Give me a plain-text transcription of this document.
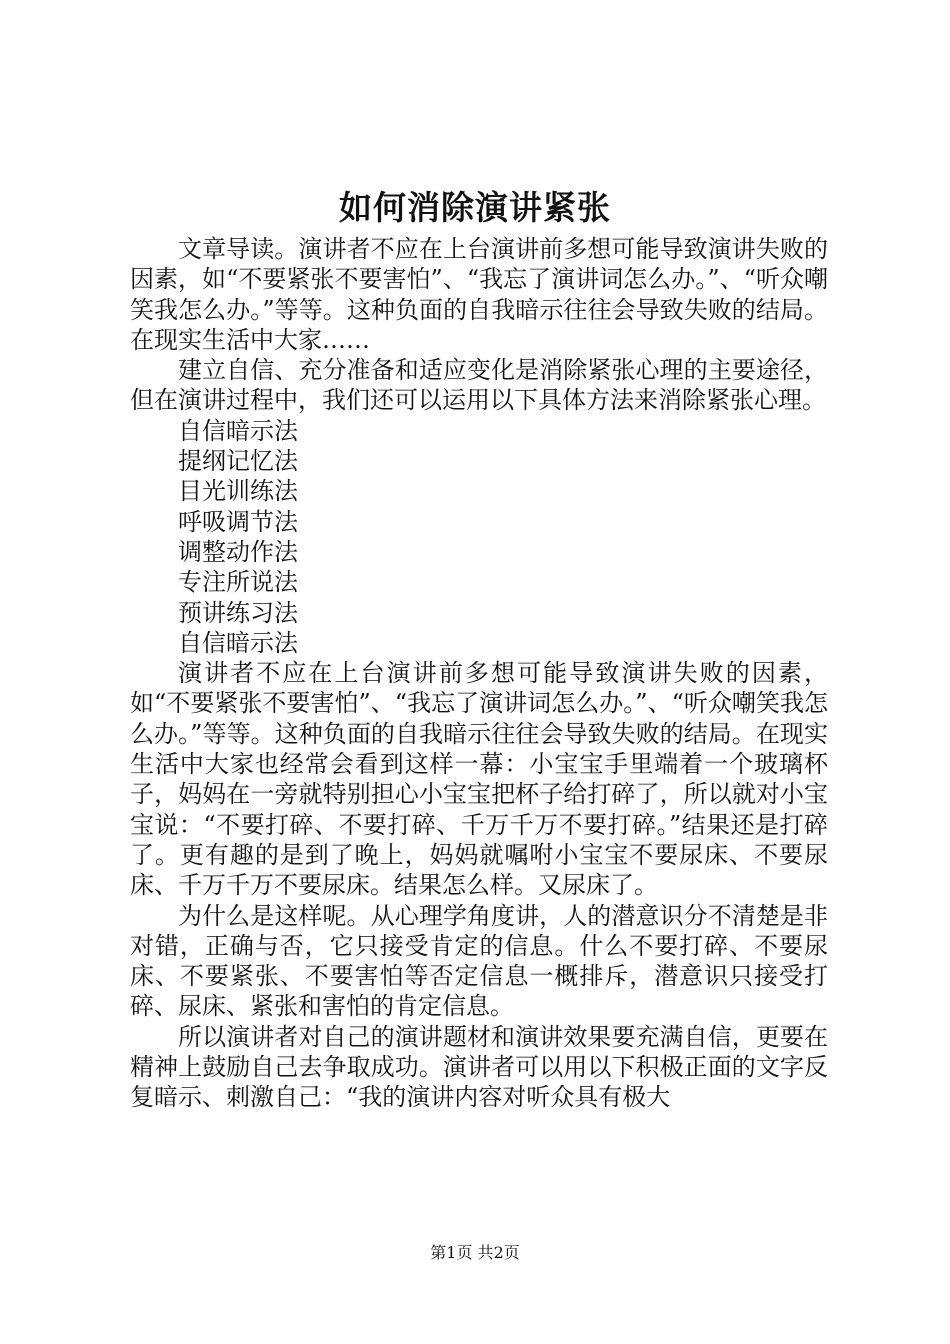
如何消除演讲紧张

文章导读。演讲者不应在上台演讲前多想可能导致演讲失败的因素，如“不要紧张不要害怕”、“我忘了演讲词怎么办。”、“听众嘲笑我怎么办。”等等。这种负面的自我暗示往往会导致失败的结局。在现实生活中大家……

建立自信、充分准备和适应变化是消除紧张心理的主要途径，但在演讲过程中，我们还可以运用以下具体方法来消除紧张心理。

自信暗示法

提纲记忆法

目光训练法

呼吸调节法

调整动作法

专注所说法

预讲练习法

自信暗示法

演讲者不应在上台演讲前多想可能导致演讲失败的因素，如“不要紧张不要害怕”、“我忘了演讲词怎么办。”、“听众嘲笑我怎么办。”等等。这种负面的自我暗示往往会导致失败的结局。在现实生活中大家也经常会看到这样一幕：小宝宝手里端着一个玻璃杯子，妈妈在一旁就特别担心小宝宝把杯子给打碎了，所以就对小宝宝说：“不要打碎、不要打碎、千万千万不要打碎。”结果还是打碎了。更有趣的是到了晚上，妈妈就嘱咐小宝宝不要尿床、不要尿床、千万千万不要尿床。结果怎么样。又尿床了。

为什么是这样呢。从心理学角度讲，人的潜意识分不清楚是非对错，正确与否，它只接受肯定的信息。什么不要打碎、不要尿床、不要紧张、不要害怕等否定信息一概排斥，潜意识只接受打碎、尿床、紧张和害怕的肯定信息。

所以演讲者对自己的演讲题材和演讲效果要充满自信，更要在精神上鼓励自己去争取成功。演讲者可以用以下积极正面的文字反复暗示、刺激自己：“我的演讲内容对听众具有极大

第1页 共2页
